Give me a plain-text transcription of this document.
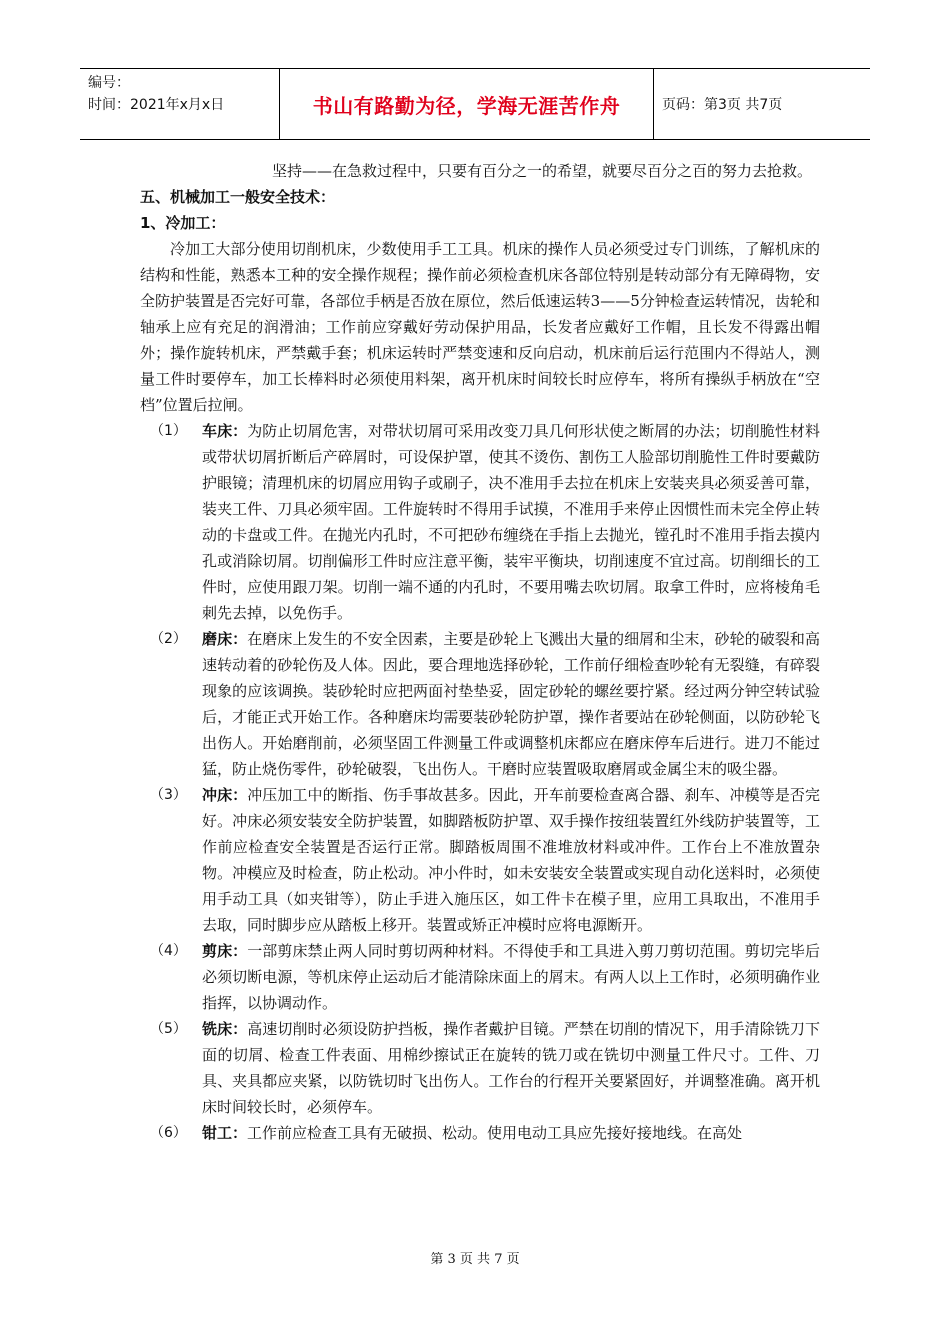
编号：
时间：2021年x月x日	书山有路勤为径，学海无涯苦作舟	页码：第3页 共7页

坚持——在急救过程中，只要有百分之一的希望，就要尽百分之百的努力去抢救。

五、机械加工一般安全技术：

1、冷加工：

冷加工大部分使用切削机床，少数使用手工工具。机床的操作人员必须受过专门训练，了解机床的结构和性能，熟悉本工种的安全操作规程；操作前必须检查机床各部位特别是转动部分有无障碍物，安全防护装置是否完好可靠，各部位手柄是否放在原位，然后低速运转3——5分钟检查运转情况，齿轮和轴承上应有充足的润滑油；工作前应穿戴好劳动保护用品，长发者应戴好工作帽，且长发不得露出帽外；操作旋转机床，严禁戴手套；机床运转时严禁变速和反向启动，机床前后运行范围内不得站人，测量工件时要停车，加工长棒料时必须使用料架，离开机床时间较长时应停车，将所有操纵手柄放在“空档”位置后拉闸。

（1）	车床：为防止切屑危害，对带状切屑可采用改变刀具几何形状使之断屑的办法；切削脆性材料或带状切屑折断后产碎屑时，可设保护罩，使其不烫伤、割伤工人脸部切削脆性工件时要戴防护眼镜；清理机床的切屑应用钩子或刷子，决不准用手去拉在机床上安装夹具必须妥善可靠，装夹工件、刀具必须牢固。工件旋转时不得用手试摸，不准用手来停止因惯性而未完全停止转动的卡盘或工件。在抛光内孔时，不可把砂布缠绕在手指上去抛光，镗孔时不准用手指去摸内孔或消除切屑。切削偏形工件时应注意平衡，装牢平衡块，切削速度不宜过高。切削细长的工件时，应使用跟刀架。切削一端不通的内孔时，不要用嘴去吹切屑。取拿工件时，应将棱角毛刺先去掉，以免伤手。
（2）	磨床：在磨床上发生的不安全因素，主要是砂轮上飞溅出大量的细屑和尘末，砂轮的破裂和高速转动着的砂轮伤及人体。因此，要合理地选择砂轮，工作前仔细检查吵轮有无裂缝，有碎裂现象的应该调换。装砂轮时应把两面衬垫垫妥，固定砂轮的螺丝要拧紧。经过两分钟空转试验后，才能正式开始工作。各种磨床均需要装砂轮防护罩，操作者要站在砂轮侧面，以防砂轮飞出伤人。开始磨削前，必须坚固工件测量工件或调整机床都应在磨床停车后进行。进刀不能过猛，防止烧伤零件，砂轮破裂，飞出伤人。干磨时应装置吸取磨屑或金属尘末的吸尘器。
（3）	冲床：冲压加工中的断指、伤手事故甚多。因此，开车前要检查离合器、刹车、冲模等是否完好。冲床必须安装安全防护装置，如脚踏板防护罩、双手操作按纽装置红外线防护装置等，工作前应检查安全装置是否运行正常。脚踏板周围不准堆放材料或冲件。工作台上不准放置杂物。冲模应及时检查，防止松动。冲小件时，如未安装安全装置或实现自动化送料时，必须使用手动工具（如夹钳等），防止手进入施压区，如工件卡在模子里，应用工具取出，不准用手去取，同时脚步应从踏板上移开。装置或矫正冲模时应将电源断开。
（4）	剪床：一部剪床禁止两人同时剪切两种材料。不得使手和工具进入剪刀剪切范围。剪切完毕后必须切断电源，等机床停止运动后才能清除床面上的屑末。有两人以上工作时，必须明确作业指挥，以协调动作。
（5）	铣床：高速切削时必须设防护挡板，操作者戴护目镜。严禁在切削的情况下，用手清除铣刀下面的切屑、检查工件表面、用棉纱擦试正在旋转的铣刀或在铣切中测量工件尺寸。工件、刀具、夹具都应夹紧，以防铣切时飞出伤人。工作台的行程开关要紧固好，并调整准确。离开机床时间较长时，必须停车。
（6）	钳工：工作前应检查工具有无破损、松动。使用电动工具应先接好接地线。在高处
第 3 页 共 7 页
